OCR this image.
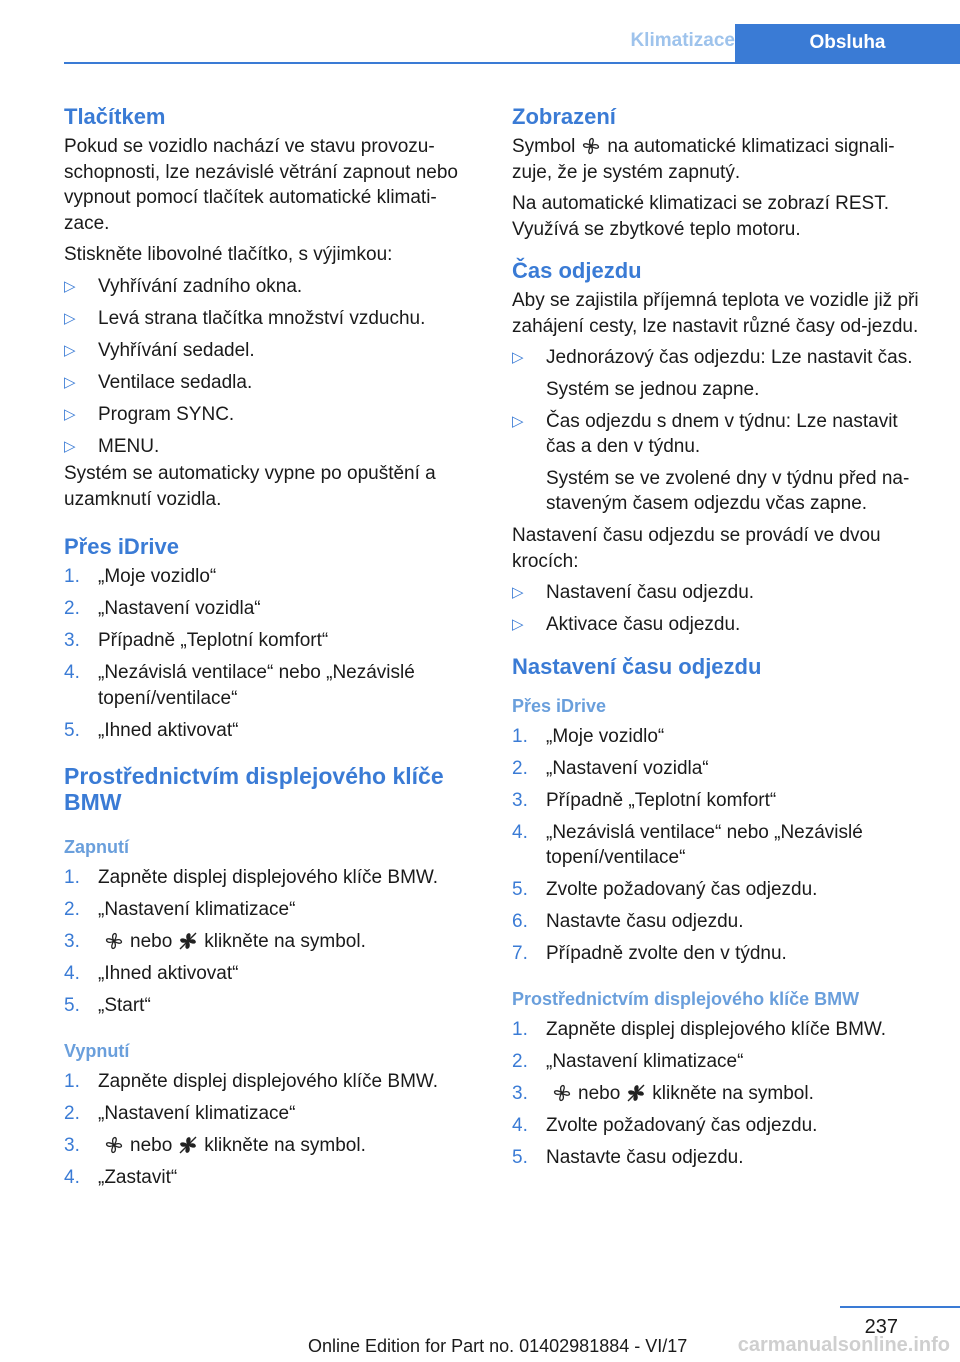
Klimatizace	Obsluha
Tlačítkem

Pokud se vozidlo nachází ve stavu provozu-schopnosti, lze nezávislé větrání zapnout nebo vypnout pomocí tlačítek automatické klimati-zace.

Stiskněte libovolné tlačítko, s výjimkou:

▷ Vyhřívání zadního okna.
▷ Levá strana tlačítka množství vzduchu.
▷ Vyhřívání sedadel.
▷ Ventilace sedadla.
▷ Program SYNC.
▷ MENU.

Systém se automaticky vypne po opuštění a uzamknutí vozidla.

Přes iDrive
1. „Moje vozidlo“
2. „Nastavení vozidla“
3. Případně „Teplotní komfort“
4. „Nezávislá ventilace“ nebo „Nezávislé topení/ventilace“
5. „Ihned aktivovat“
Prostřednictvím displejového klíče BMW
Zapnutí
1. Zapněte displej displejového klíče BMW.
2. „Nastavení klimatizace“
3.	nebo klikněte na symbol.
4. „Ihned aktivovat“
5. „Start“
Vypnutí
1. Zapněte displej displejového klíče BMW.
2. „Nastavení klimatizace“
3.	nebo klikněte na symbol.
4. „Zastavit“
Zobrazení

Symbol na automatické klimatizaci signali-zuje, že je systém zapnutý.

Na automatické klimatizaci se zobrazí REST. Využívá se zbytkové teplo motoru.

Čas odjezdu

Aby se zajistila příjemná teplota ve vozidle již při zahájení cesty, lze nastavit různé časy od-jezdu.

▷ Jednorázový čas odjezdu: Lze nastavit čas.
Systém se jednou zapne.
▷ Čas odjezdu s dnem v týdnu: Lze nastavit čas a den v týdnu.
Systém se ve zvolené dny v týdnu před na-staveným časem odjezdu včas zapne.

Nastavení času odjezdu se provádí ve dvou krocích:

▷ Nastavení času odjezdu.
▷ Aktivace času odjezdu.
Nastavení času odjezdu
Přes iDrive
1. „Moje vozidlo“
2. „Nastavení vozidla“
3. Případně „Teplotní komfort“
4. „Nezávislá ventilace“ nebo „Nezávislé topení/ventilace“
5. Zvolte požadovaný čas odjezdu.
6. Nastavte času odjezdu.
7. Případně zvolte den v týdnu.
Prostřednictvím displejového klíče BMW
1. Zapněte displej displejového klíče BMW.
2. „Nastavení klimatizace“
3.	nebo klikněte na symbol.
4. Zvolte požadovaný čas odjezdu.
5. Nastavte času odjezdu.
237
Online Edition for Part no. 01402981884 - VI/17	carmanualsonline.info
